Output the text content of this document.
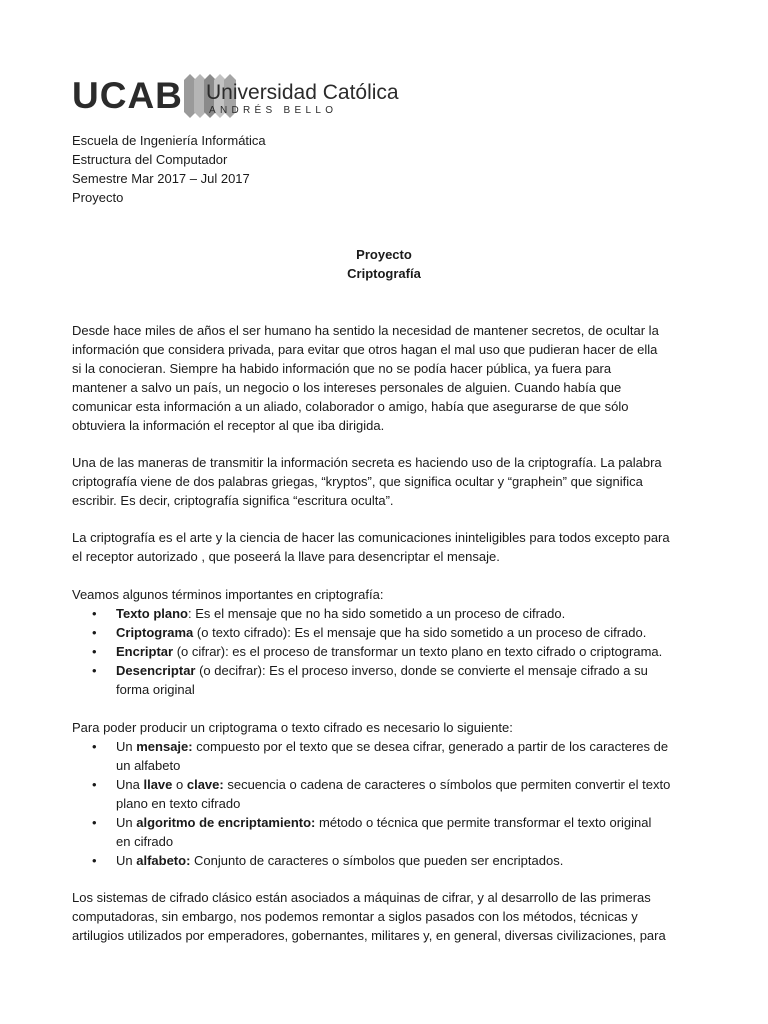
UCAB Universidad Católica
ANDRÉS BELLO
Escuela de Ingeniería Informática
Estructura del Computador
Semestre Mar 2017 – Jul 2017
Proyecto
Proyecto
Criptografía
Desde hace miles de años el ser humano ha sentido la necesidad de mantener secretos, de ocultar la
información que considera privada, para evitar que otros hagan el mal uso que pudieran hacer de ella
si la conocieran. Siempre ha habido información que no se podía hacer pública, ya fuera para
mantener a salvo un país, un negocio o los intereses personales de alguien. Cuando había que
comunicar esta información a un aliado, colaborador o amigo, había que asegurarse de que sólo
obtuviera la información el receptor al que iba dirigida.
Una de las maneras de transmitir la información secreta es haciendo uso de la criptografía. La palabra
criptografía viene de dos palabras griegas, “kryptos”, que significa ocultar y “graphein” que significa
escribir. Es decir, criptografía significa “escritura oculta”.
La criptografía es el arte y la ciencia de hacer las comunicaciones ininteligibles para todos excepto para
el receptor autorizado , que poseerá la llave para desencriptar el mensaje.
Veamos algunos términos importantes en criptografía:
• Texto plano: Es el mensaje que no ha sido sometido a un proceso de cifrado.
• Criptograma (o texto cifrado): Es el mensaje que ha sido sometido a un proceso de cifrado.
• Encriptar (o cifrar): es el proceso de transformar un texto plano en texto cifrado o criptograma.
• Desencriptar (o decifrar): Es el proceso inverso, donde se convierte el mensaje cifrado a su
forma original
Para poder producir un criptograma o texto cifrado es necesario lo siguiente:
• Un mensaje: compuesto por el texto que se desea cifrar, generado a partir de los caracteres de
un alfabeto
• Una llave o clave: secuencia o cadena de caracteres o símbolos que permiten convertir el texto
plano en texto cifrado
• Un algoritmo de encriptamiento: método o técnica que permite transformar el texto original
en cifrado
• Un alfabeto: Conjunto de caracteres o símbolos que pueden ser encriptados.
Los sistemas de cifrado clásico están asociados a máquinas de cifrar, y al desarrollo de las primeras
computadoras, sin embargo, nos podemos remontar a siglos pasados con los métodos, técnicas y
artilugios utilizados por emperadores, gobernantes, militares y, en general, diversas civilizaciones, para
